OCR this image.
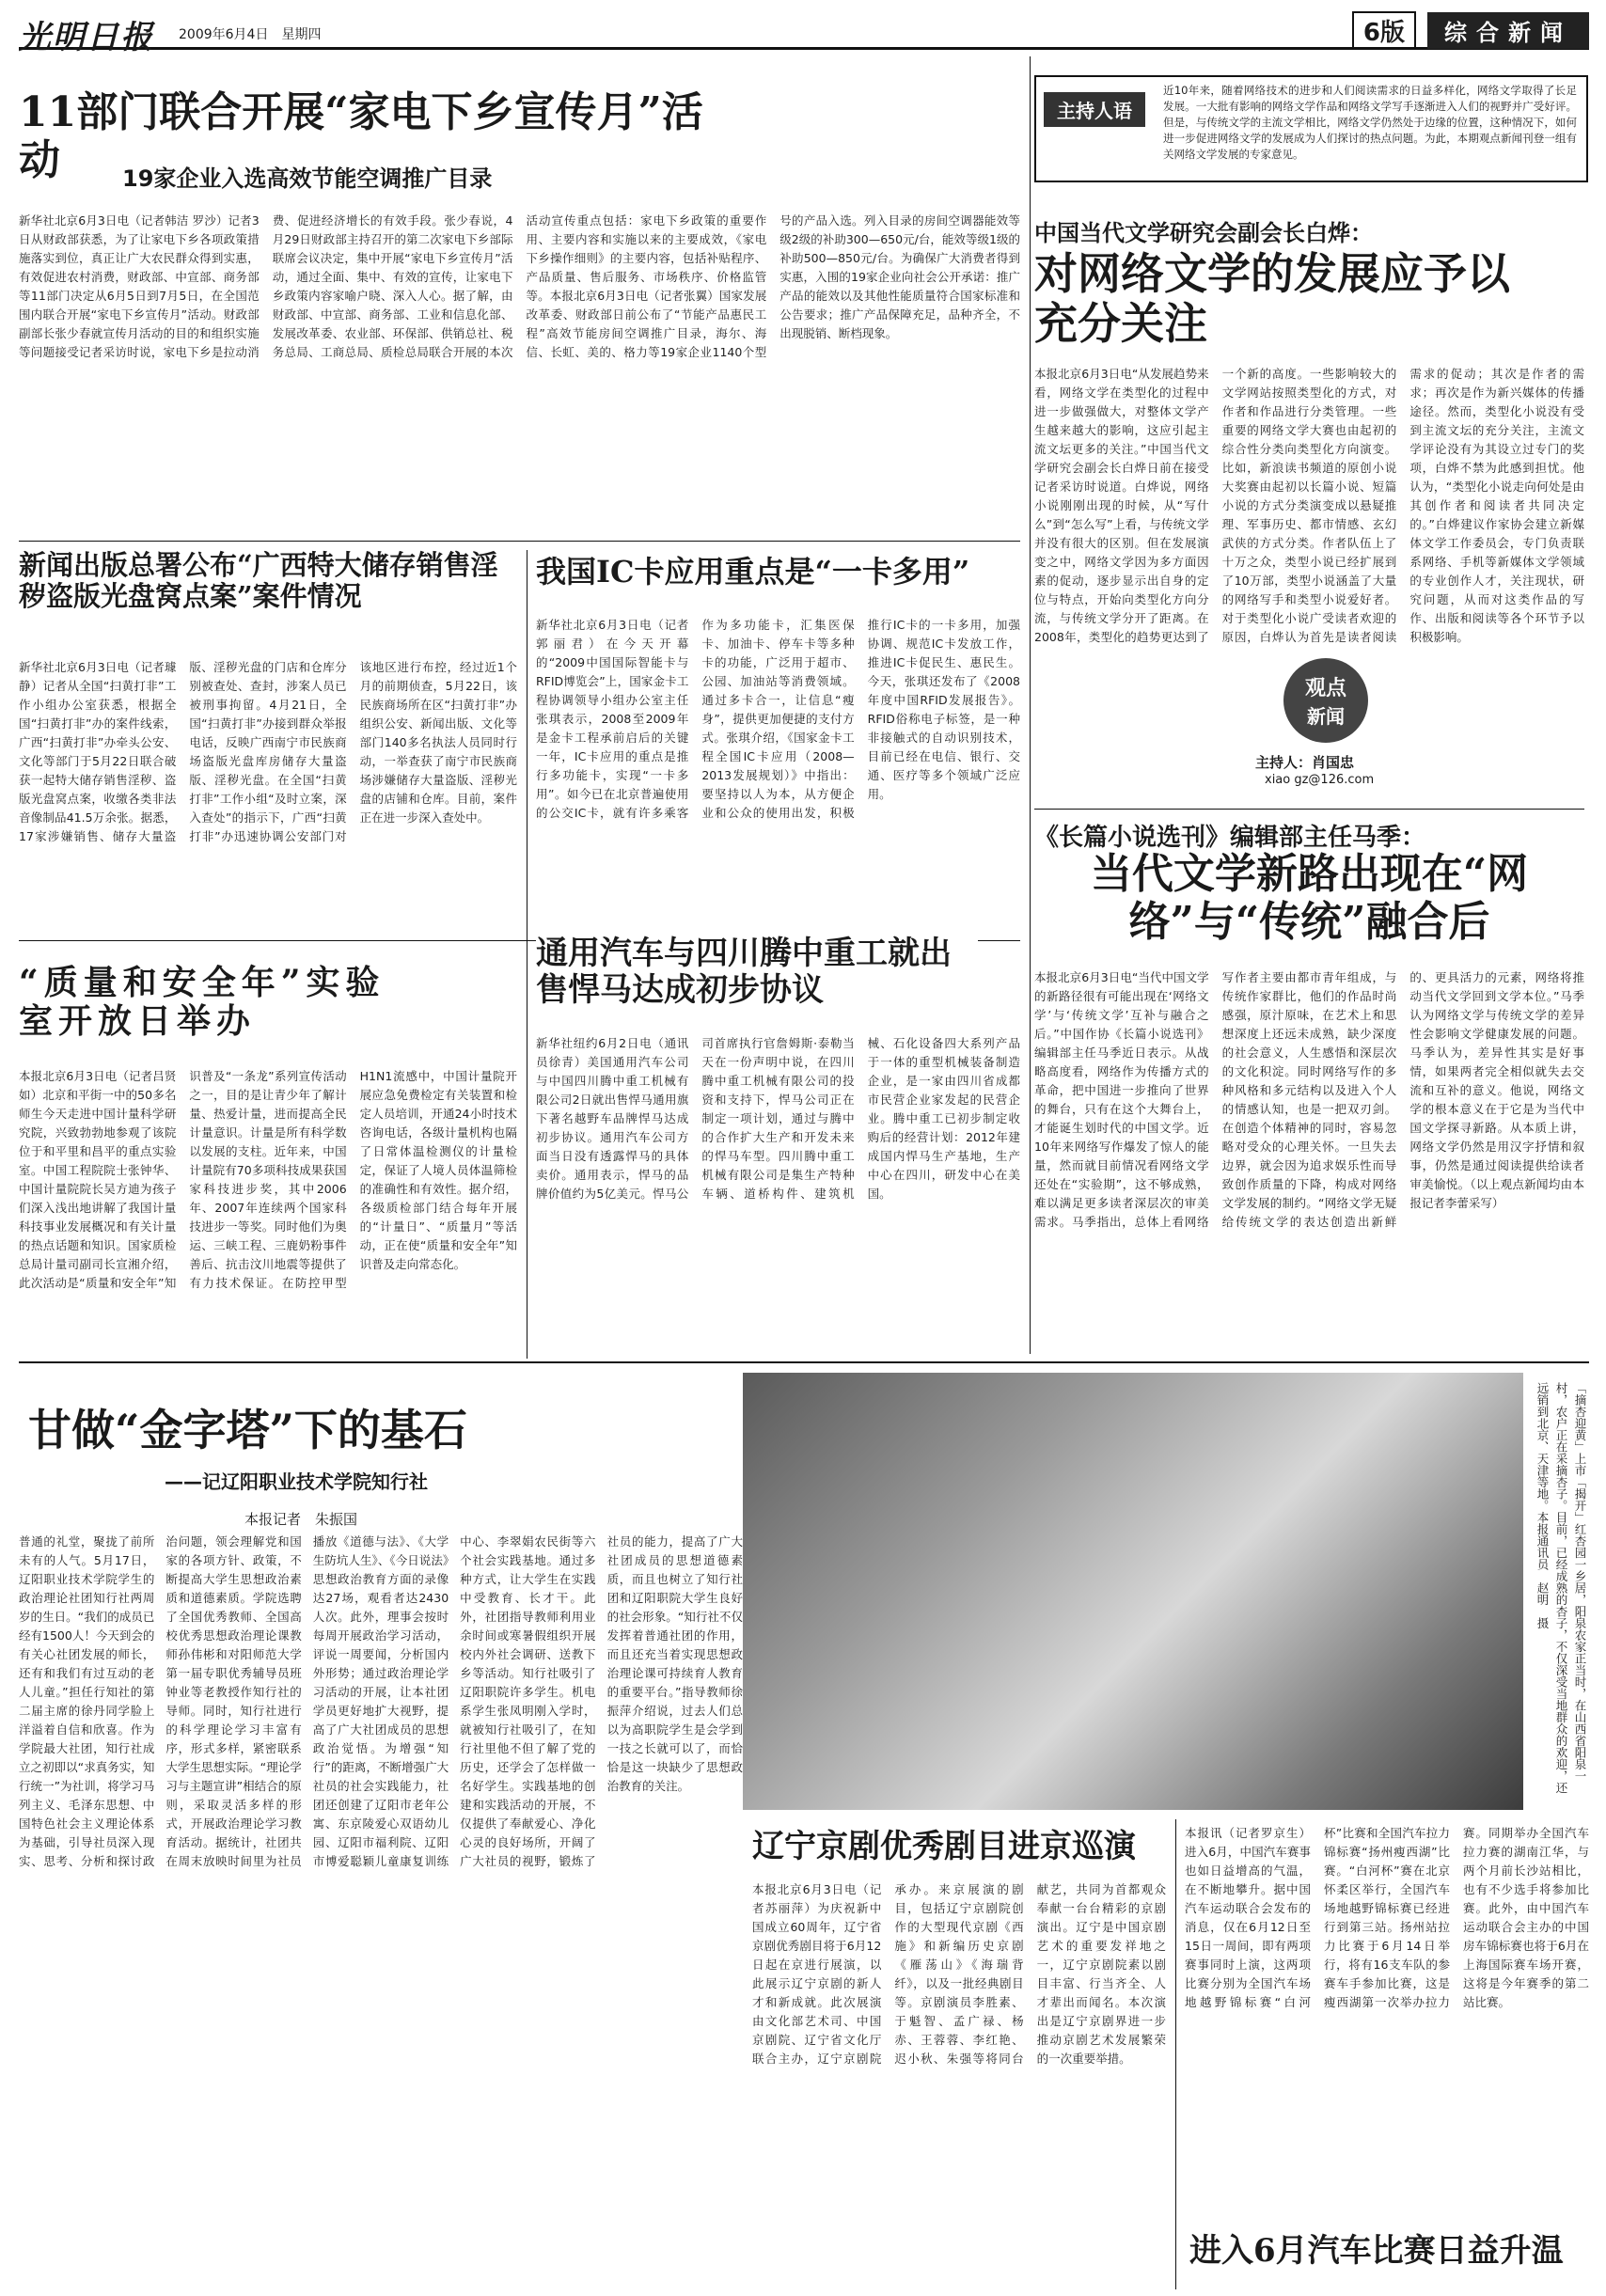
光明日报 2009年6月4日　星期四	6版	综合新闻
11部门联合开展“家电下乡宣传月”活动	19家企业入选高效节能空调推广目录
新华社北京6月3日电（记者韩洁 罗沙）记者3日从财政部获悉，为了让家电下乡各项政策措施落实到位，真正让广大农民群众得到实惠，有效促进农村消费，财政部、中宣部、商务部等11部门决定从6月5日到7月5日，在全国范围内联合开展“家电下乡宣传月”活动。财政部副部长张少春就宣传月活动的目的和组织实施等问题接受记者采访时说，家电下乡是拉动消费、促进经济增长的有效手段。张少春说，4月29日财政部主持召开的第二次家电下乡部际联席会议决定，集中开展“家电下乡宣传月”活动，通过全面、集中、有效的宣传，让家电下乡政策内容家喻户晓、深入人心。据了解，由财政部、中宣部、商务部、工业和信息化部、发展改革委、农业部、环保部、供销总社、税务总局、工商总局、质检总局联合开展的本次活动宣传重点包括：家电下乡政策的重要作用、主要内容和实施以来的主要成效，《家电下乡操作细则》的主要内容，包括补贴程序、产品质量、售后服务、市场秩序、价格监管等。本报北京6月3日电（记者张翼）国家发展改革委、财政部日前公布了“节能产品惠民工程”高效节能房间空调推广目录，海尔、海信、长虹、美的、格力等19家企业1140个型号的产品入选。列入目录的房间空调器能效等级2级的补助300—650元/台，能效等级1级的补助500—850元/台。为确保广大消费者得到实惠，入围的19家企业向社会公开承诺：推广产品的能效以及其他性能质量符合国家标准和公告要求；推广产品保障充足，品种齐全，不出现脱销、断档现象。
新闻出版总署公布“广西特大储存销售淫秽盗版光盘窝点案”案件情况
新华社北京6月3日电（记者璩静）记者从全国“扫黄打非”工作小组办公室获悉，根据全国“扫黄打非”办的案件线索，广西“扫黄打非”办牵头公安、文化等部门于5月22日联合破获一起特大储存销售淫秽、盗版光盘窝点案，收缴各类非法音像制品41.5万余张。据悉，17家涉嫌销售、储存大量盗版、淫秽光盘的门店和仓库分别被查处、查封，涉案人员已被刑事拘留。4月21日，全国“扫黄打非”办接到群众举报电话，反映广西南宁市民族商场盗版光盘库房储存大量盗版、淫秽光盘。在全国“扫黄打非”工作小组“及时立案，深入查处”的指示下，广西“扫黄打非”办迅速协调公安部门对该地区进行布控，经过近1个月的前期侦查，5月22日，该民族商场所在区“扫黄打非”办组织公安、新闻出版、文化等部门140多名执法人员同时行动，一举查获了南宁市民族商场涉嫌储存大量盗版、淫秽光盘的店铺和仓库。目前，案件正在进一步深入查处中。
我国IC卡应用重点是“一卡多用”
新华社北京6月3日电（记者郭丽君）在今天开幕的“2009中国国际智能卡与RFID博览会”上，国家金卡工程协调领导小组办公室主任张琪表示，2008至2009年是金卡工程承前启后的关键一年，IC卡应用的重点是推行多功能卡，实现“一卡多用”。如今已在北京普遍使用的公交IC卡，就有许多乘客作为多功能卡，汇集医保卡、加油卡、停车卡等多种卡的功能，广泛用于超市、公园、加油站等消费领域。通过多卡合一，让信息“瘦身”，提供更加便捷的支付方式。张琪介绍，《国家金卡工程全国IC卡应用（2008—2013发展规划）》中指出：要坚持以人为本，从方便企业和公众的使用出发，积极推行IC卡的一卡多用，加强协调、规范IC卡发放工作，推进IC卡促民生、惠民生。今天，张琪还发布了《2008年度中国RFID发展报告》。RFID俗称电子标签，是一种非接触式的自动识别技术，目前已经在电信、银行、交通、医疗等多个领域广泛应用。
“质量和安全年”实验室开放日举办
本报北京6月3日电（记者吕贤如）北京和平街一中的50多名师生今天走进中国计量科学研究院，兴致勃勃地参观了该院位于和平里和昌平的重点实验室。中国工程院院士张钟华、中国计量院院长吴方迪为孩子们深入浅出地讲解了我国计量科技事业发展概况和有关计量的热点话题和知识。国家质检总局计量司副司长宣湘介绍，此次活动是“质量和安全年”知识普及“一条龙”系列宣传活动之一，目的是让青少年了解计量、热爱计量，进而提高全民计量意识。计量是所有科学数以发展的支柱。近年来，中国计量院有70多项科技成果获国家科技进步奖，其中2006年、2007年连续两个国家科技进步一等奖。同时他们为奥运、三峡工程、三鹿奶粉事件善后、抗击汶川地震等提供了有力技术保证。在防控甲型H1N1流感中，中国计量院开展应急免费检定有关装置和检定人员培训，开通24小时技术咨询电话，各级计量机构也隔了日常体温检测仪的计量检定，保证了人境人员体温筛检的准确性和有效性。据介绍，各级质检部门结合每年开展的“计量日”、“质量月”等活动，正在使“质量和安全年”知识普及走向常态化。
通用汽车与四川腾中重工就出售悍马达成初步协议
新华社纽约6月2日电（通讯员徐青）美国通用汽车公司与中国四川腾中重工机械有限公司2日就出售悍马通用旗下著名越野车品牌悍马达成初步协议。通用汽车公司方面当日没有透露悍马的具体卖价。通用表示，悍马的品牌价值约为5亿美元。悍马公司首席执行官詹姆斯·泰勒当天在一份声明中说，在四川腾中重工机械有限公司的投资和支持下，悍马公司正在制定一项计划，通过与腾中的合作扩大生产和开发未来的悍马车型。四川腾中重工机械有限公司是集生产特种车辆、道桥构件、建筑机械、石化设备四大系列产品于一体的重型机械装备制造企业，是一家由四川省成都市民营企业家发起的民营企业。腾中重工已初步制定收购后的经营计划：2012年建成国内悍马生产基地，生产中心在四川，研发中心在美国。
主持人语
近10年来，随着网络技术的进步和人们阅读需求的日益多样化，网络文学取得了长足发展。一大批有影响的网络文学作品和网络文学写手逐渐进入人们的视野并广受好评。但是，与传统文学的主流文学相比，网络文学仍然处于边缘的位置，这种情况下，如何进一步促进网络文学的发展成为人们探讨的热点问题。为此，本期观点新闻刊登一组有关网络文学发展的专家意见。
中国当代文学研究会副会长白烨：
对网络文学的发展应予以充分关注
本报北京6月3日电“从发展趋势来看，网络文学在类型化的过程中进一步做强做大，对整体文学产生越来越大的影响，这应引起主流文坛更多的关注。”中国当代文学研究会副会长白烨日前在接受记者采访时说道。白烨说，网络小说刚刚出现的时候，从“写什么”到“怎么写”上看，与传统文学并没有很大的区别。但在发展演变之中，网络文学因为多方面因素的促动，逐步显示出自身的定位与特点，开始向类型化方向分流，与传统文学分开了距离。在2008年，类型化的趋势更达到了一个新的高度。一些影响较大的文学网站按照类型化的方式，对作者和作品进行分类管理。一些重要的网络文学大赛也由起初的综合性分类向类型化方向演变。比如，新浪读书频道的原创小说大奖赛由起初以长篇小说、短篇小说的方式分类演变成以悬疑推理、军事历史、都市情感、玄幻武侠的方式分类。作者队伍上了十万之众，类型小说已经扩展到了10万部，类型小说涵盖了大量的网络写手和类型小说爱好者。对于类型化小说广受读者欢迎的原因，白烨认为首先是读者阅读需求的促动；其次是作者的需求；再次是作为新兴媒体的传播途径。然而，类型化小说没有受到主流文坛的充分关注，主流文学评论没有为其设立过专门的奖项，白烨不禁为此感到担忧。他认为，“类型化小说走向何处是由其创作者和阅读者共同决定的。”白烨建议作家协会建立新媒体文学工作委员会，专门负责联系网络、手机等新媒体文学领域的专业创作人才，关注现状，研究问题，从而对这类作品的写作、出版和阅读等各个环节予以积极影响。
观点
新闻
主持人：肖国忠
xiao gz@126.com
《长篇小说选刊》编辑部主任马季：
当代文学新路出现在“网络”与“传统”融合后
本报北京6月3日电“当代中国文学的新路径很有可能出现在‘网络文学’与‘传统文学’互补与融合之后。”中国作协《长篇小说选刊》编辑部主任马季近日表示。从战略高度看，网络作为传播方式的革命，把中国进一步推向了世界的舞台，只有在这个大舞台上，才能诞生划时代的中国文学。近10年来网络写作爆发了惊人的能量，然而就目前情况看网络文学还处在“实验期”，这不够成熟，难以满足更多读者深层次的审美需求。马季指出，总体上看网络写作者主要由都市青年组成，与传统作家群比，他们的作品时尚感强，原汁原味，在艺术上和思想深度上还远未成熟，缺少深度的社会意义，人生感悟和深层次的文化积淀。同时网络写作的多种风格和多元结构以及进入个人的情感认知，也是一把双刃剑。在创造个体精神的同时，容易忽略对受众的心理关怀。一旦失去边界，就会因为追求娱乐性而导致创作质量的下降，构成对网络文学发展的制约。“网络文学无疑给传统文学的表达创造出新鲜的、更具活力的元素，网络将推动当代文学回到文学本位。”马季认为网络文学与传统文学的差异性会影响文学健康发展的问题。马季认为，差异性其实是好事情，如果两者完全相似就失去交流和互补的意义。他说，网络文学的根本意义在于它是为当代中国文学探寻新路。从本质上讲，网络文学仍然是用汉字抒情和叙事，仍然是通过阅读提供给读者审美愉悦。（以上观点新闻均由本报记者李蕾采写）
甘做“金字塔”下的基石
——记辽阳职业技术学院知行社
本报记者　朱振国
普通的礼堂，聚拢了前所未有的人气。5月17日，辽阳职业技术学院学生的政治理论社团知行社两周岁的生日。“我们的成员已经有1500人！今天到会的有关心社团发展的师长，还有和我们有过互动的老人儿童。”担任行知社的第二届主席的徐丹同学脸上洋溢着自信和欣喜。作为学院最大社团，知行社成立之初即以“求真务实，知行统一”为社训，将学习马列主义、毛泽东思想、中国特色社会主义理论体系为基础，引导社员深入现实、思考、分析和探讨政治问题，领会理解党和国家的各项方针、政策，不断提高大学生思想政治素质和道德素质。学院选聘了全国优秀教师、全国高校优秀思想政治理论课教师孙伟彬和对阳师范大学第一届专职优秀辅导员班钟业等老教授作知行社的导师。同时，知行社进行的科学理论学习丰富有序，形式多样，紧密联系大学生思想实际。“理论学习与主题宣讲”相结合的原则，采取灵活多样的形式，开展政治理论学习教育活动。据统计，社团共在周末放映时间里为社员播放《道德与法》、《大学生防坑人生》、《今日说法》思想政治教育方面的录像达27场，观看者达2430人次。此外，理事会按时每周开展政治学习活动，评说一周要闻，分析国内外形势；通过政治理论学习活动的开展，让本社团学员更好地扩大视野，提高了广大社团成员的思想政治觉悟。为增强“知行”的距离，不断增强广大社员的社会实践能力，社团还创建了辽阳市老年公寓、东京陵爱心双语幼儿园、辽阳市福利院、辽阳市博爱聪颖儿童康复训练中心、李翠娟农民街等六个社会实践基地。通过多种方式，让大学生在实践中受教育、长才干。此外，社团指导教师利用业余时间或寒暑假组织开展校内外社会调研、送教下乡等活动。知行社吸引了辽阳职院许多学生。机电系学生张凤明刚入学时，就被知行社吸引了，在知行社里他不但了解了党的历史，还学会了怎样做一名好学生。实践基地的创建和实践活动的开展，不仅提供了奉献爱心、净化心灵的良好场所，开阔了广大社员的视野，锻炼了社员的能力，提高了广大社团成员的思想道德素质，而且也树立了知行社团和辽阳职院大学生良好的社会形象。“知行社不仅发挥着普通社团的作用，而且还充当着实现思想政治理论课可持续育人教育的重要平台。”指导教师徐振萍介绍说，过去人们总以为高职院学生是会学到一技之长就可以了，而恰恰是这一块缺少了思想政治教育的关注。
「摘杏迎黄」上市「揭开」红杏园一乡居，阳泉农家正当时，在山西省阳泉一村，农户正在采摘杏子。目前，已经成熟的杏子，不仅深受当地群众的欢迎，还远销到北京、天津等地。本报通讯员　赵明　摄
辽宁京剧优秀剧目进京巡演
本报北京6月3日电（记者苏丽萍）为庆祝新中国成立60周年，辽宁省京剧优秀剧目将于6月12日起在京进行展演，以此展示辽宁京剧的新人才和新成就。此次展演由文化部艺术司、中国京剧院、辽宁省文化厅联合主办，辽宁京剧院承办。来京展演的剧目，包括辽宁京剧院创作的大型现代京剧《西施》和新编历史京剧《雁荡山》《海瑞背纤》，以及一批经典剧目等。京剧演员李胜素、于魁智、孟广禄、杨赤、王蓉蓉、李红艳、迟小秋、朱强等将同台献艺，共同为首都观众奉献一台台精彩的京剧演出。辽宁是中国京剧艺术的重要发祥地之一，辽宁京剧院素以剧目丰富、行当齐全、人才辈出而闻名。本次演出是辽宁京剧界进一步推动京剧艺术发展繁荣的一次重要举措。
本报讯（记者罗京生）进入6月，中国汽车赛事也如日益增高的气温，在不断地攀升。据中国汽车运动联合会发布的消息，仅在6月12日至15日一周间，即有两项赛事同时上演，这两项比赛分别为全国汽车场地越野锦标赛“白河杯”比赛和全国汽车拉力锦标赛“扬州瘦西湖”比赛。“白河杯”赛在北京怀柔区举行，全国汽车场地越野锦标赛已经进行到第三站。扬州站拉力比赛于6月14日举行，将有16支车队的参赛车手参加比赛，这是瘦西湖第一次举办拉力赛。同期举办全国汽车拉力赛的湖南江华，与两个月前长沙站相比，也有不少选手将参加比赛。此外，由中国汽车运动联合会主办的中国房车锦标赛也将于6月在上海国际赛车场开赛，这将是今年赛季的第二站比赛。
进入6月汽车比赛日益升温
